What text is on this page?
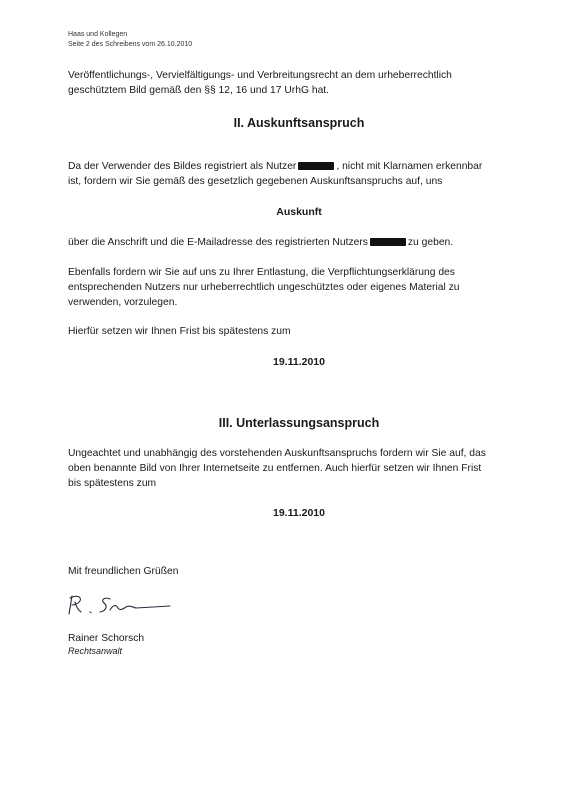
Haas und Kollegen
Seite 2 des Schreibens vom 26.10.2010
Veröffentlichungs-, Vervielfältigungs- und Verbreitungsrecht an dem urheberrechtlich
geschütztem Bild gemäß den §§ 12, 16 und 17 UrhG hat.
II. Auskunftsanspruch
Da der Verwender des Bildes registriert als Nutzer	, nicht mit Klarnamen erkennbar
ist, fordern wir Sie gemäß des gesetzlich gegebenen Auskunftsanspruchs auf, uns
Auskunft
über die Anschrift und die E-Mailadresse des registrierten Nutzers	zu geben.
Ebenfalls fordern wir Sie auf uns zu Ihrer Entlastung, die Verpflichtungserklärung des
entsprechenden Nutzers nur urheberrechtlich ungeschütztes oder eigenes Material zu
verwenden, vorzulegen.
Hierfür setzen wir Ihnen Frist bis spätestens zum
19.11.2010
III. Unterlassungsanspruch
Ungeachtet und unabhängig des vorstehenden Auskunftsanspruchs fordern wir Sie auf, das
oben benannte Bild von Ihrer Internetseite zu entfernen. Auch hierfür setzen wir Ihnen Frist
bis spätestens zum
19.11.2010
Mit freundlichen Grüßen
Rainer Schorsch
Rechtsanwalt
